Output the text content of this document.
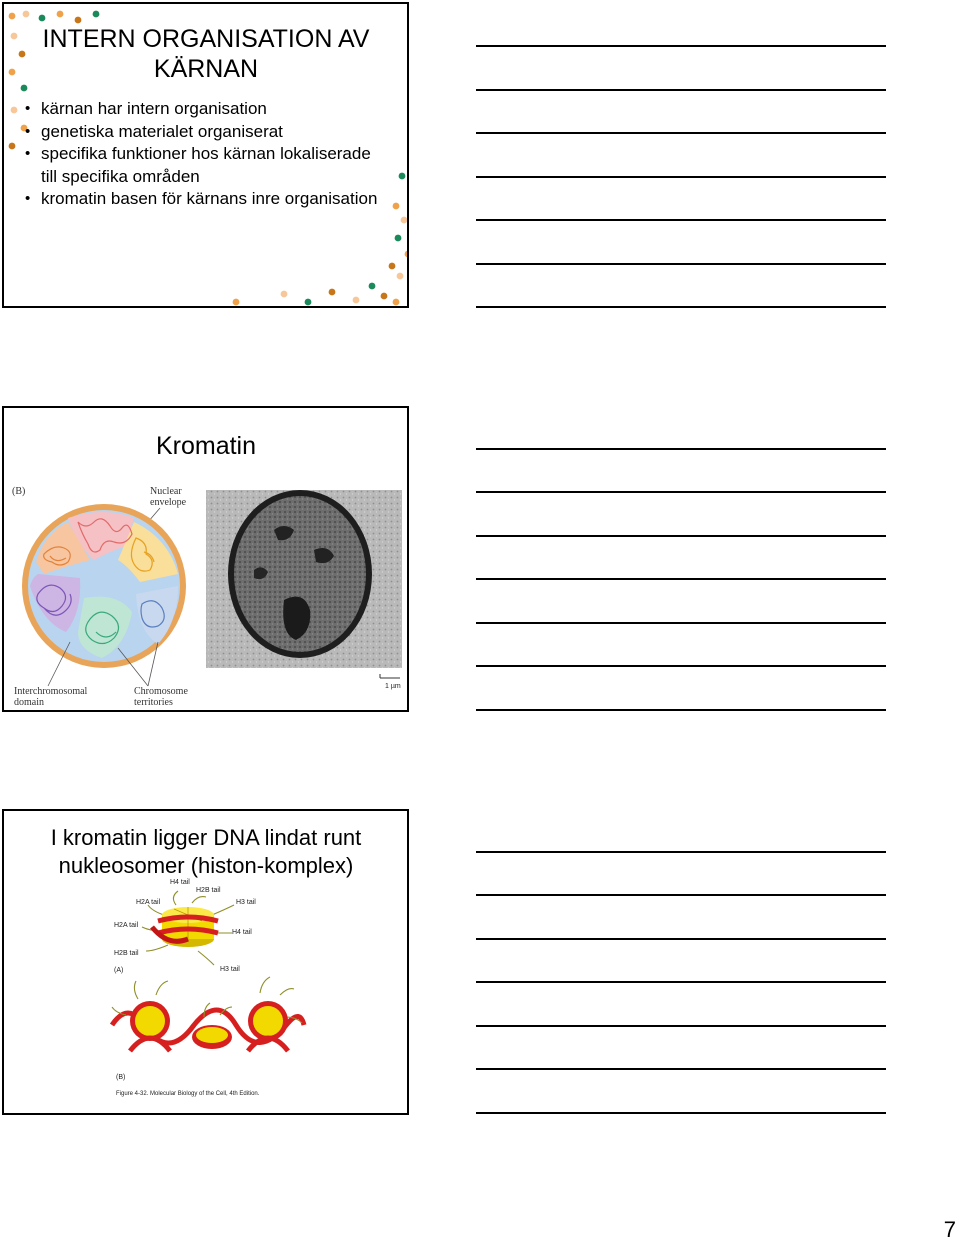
INTERN ORGANISATION AV
KÄRNAN
• kärnan har intern organisation
• genetiska materialet organiserat
• specifika funktioner hos kärnan lokaliserade till specifika områden
• kromatin basen för kärnans inre organisation
Kromatin
(B)	Nuclear envelope
Interchromosomal domain
Chromosome territories
1 µm
I kromatin ligger DNA lindat runt
nukleosomer (histon-komplex)
H4 tail
H2B tail
H2A tail	H3 tail
H2A tail
H4 tail
H2B tail
(A)	H3 tail
(B)
Figure 4-32. Molecular Biology of the Cell, 4th Edition.
7
